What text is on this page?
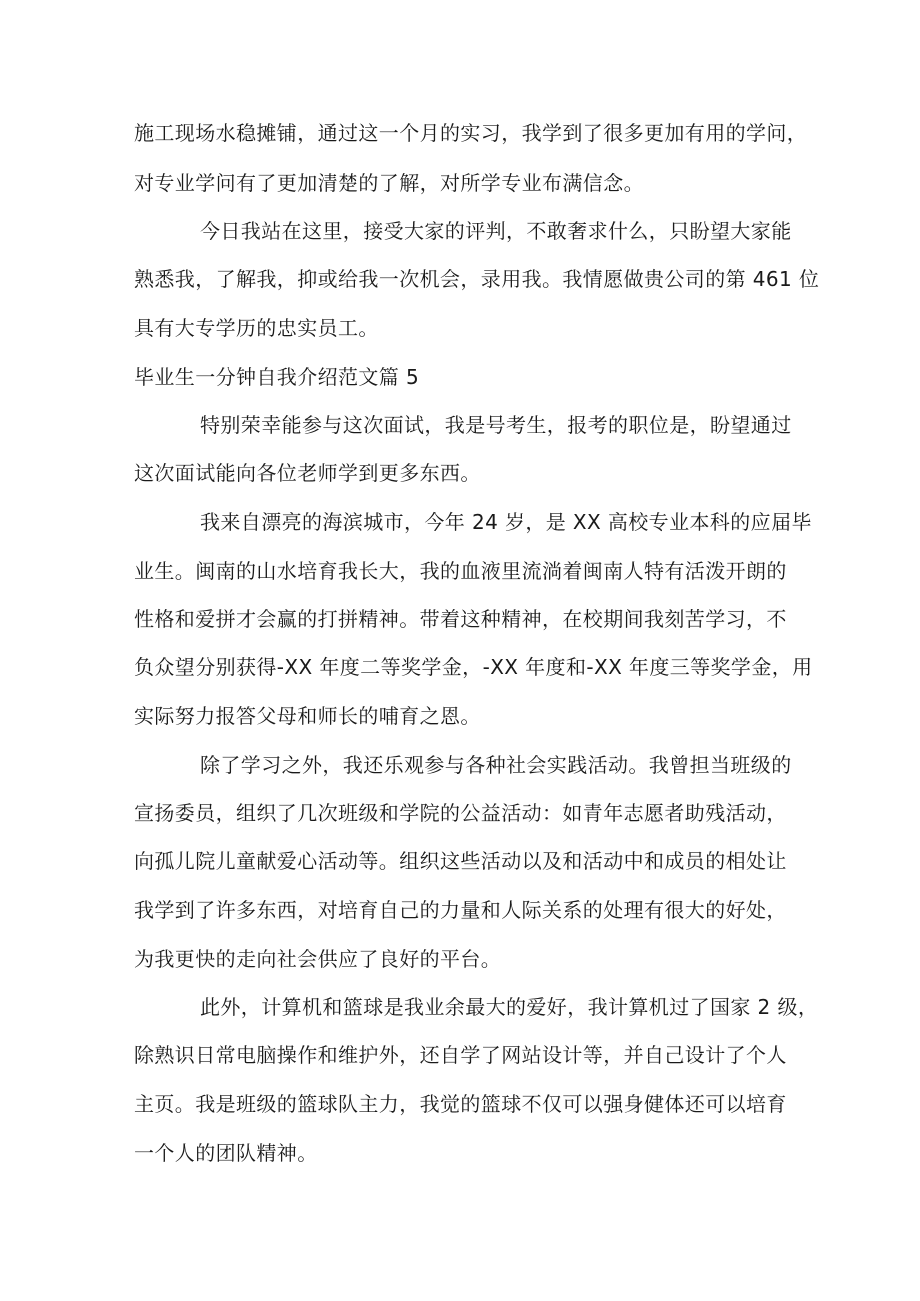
施工现场水稳摊铺，通过这一个月的实习，我学到了很多更加有用的学问，
对专业学问有了更加清楚的了解，对所学专业布满信念。
今日我站在这里，接受大家的评判，不敢奢求什么，只盼望大家能
熟悉我，了解我，抑或给我一次机会，录用我。我情愿做贵公司的第 461 位
具有大专学历的忠实员工。
毕业生一分钟自我介绍范文篇 5
特别荣幸能参与这次面试，我是号考生，报考的职位是，盼望通过
这次面试能向各位老师学到更多东西。
我来自漂亮的海滨城市，今年 24 岁，是 XX 高校专业本科的应届毕
业生。闽南的山水培育我长大，我的血液里流淌着闽南人特有活泼开朗的
性格和爱拼才会赢的打拼精神。带着这种精神，在校期间我刻苦学习，不
负众望分别获得-XX 年度二等奖学金，-XX 年度和-XX 年度三等奖学金，用
实际努力报答父母和师长的哺育之恩。
除了学习之外，我还乐观参与各种社会实践活动。我曾担当班级的
宣扬委员，组织了几次班级和学院的公益活动：如青年志愿者助残活动，
向孤儿院儿童献爱心活动等。组织这些活动以及和活动中和成员的相处让
我学到了许多东西，对培育自己的力量和人际关系的处理有很大的好处，
为我更快的走向社会供应了良好的平台。
此外，计算机和篮球是我业余最大的爱好，我计算机过了国家 2 级，
除熟识日常电脑操作和维护外，还自学了网站设计等，并自己设计了个人
主页。我是班级的篮球队主力，我觉的篮球不仅可以强身健体还可以培育
一个人的团队精神。
